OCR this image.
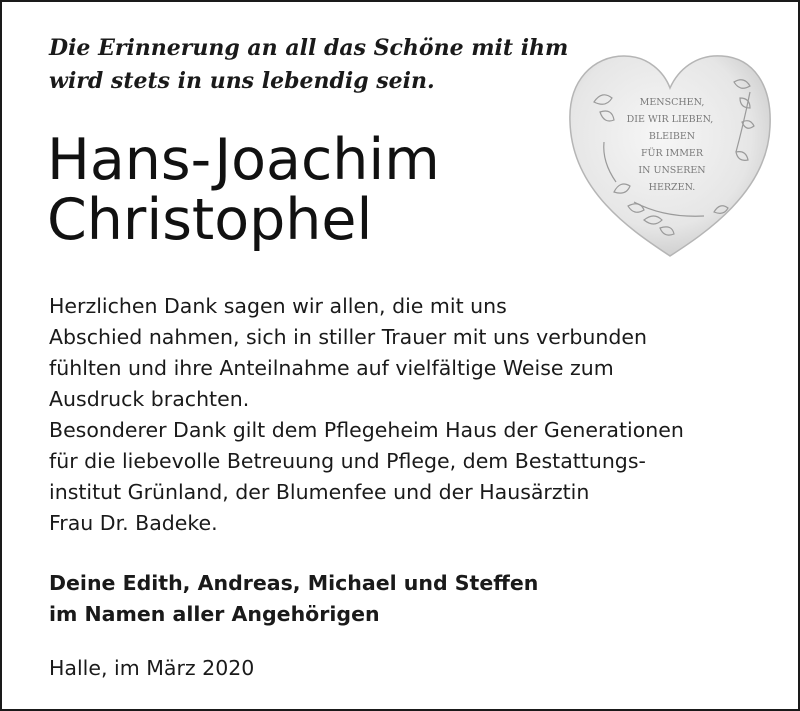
Die Erinnerung an all das Schöne mit ihm
wird stets in uns lebendig sein.
Hans-Joachim
Christophel
MENSCHEN,
DIE WIR LIEBEN,
BLEIBEN
FÜR IMMER
IN UNSEREN
HERZEN.
Herzlichen Dank sagen wir allen, die mit uns
Abschied nahmen, sich in stiller Trauer mit uns verbunden
fühlten und ihre Anteilnahme auf vielfältige Weise zum
Ausdruck brachten.
Besonderer Dank gilt dem Pflegeheim Haus der Generationen
für die liebevolle Betreuung und Pflege, dem Bestattungs-
institut Grünland, der Blumenfee und der Hausärztin
Frau Dr. Badeke.
Deine Edith, Andreas, Michael und Steffen
im Namen aller Angehörigen
Halle, im März 2020
